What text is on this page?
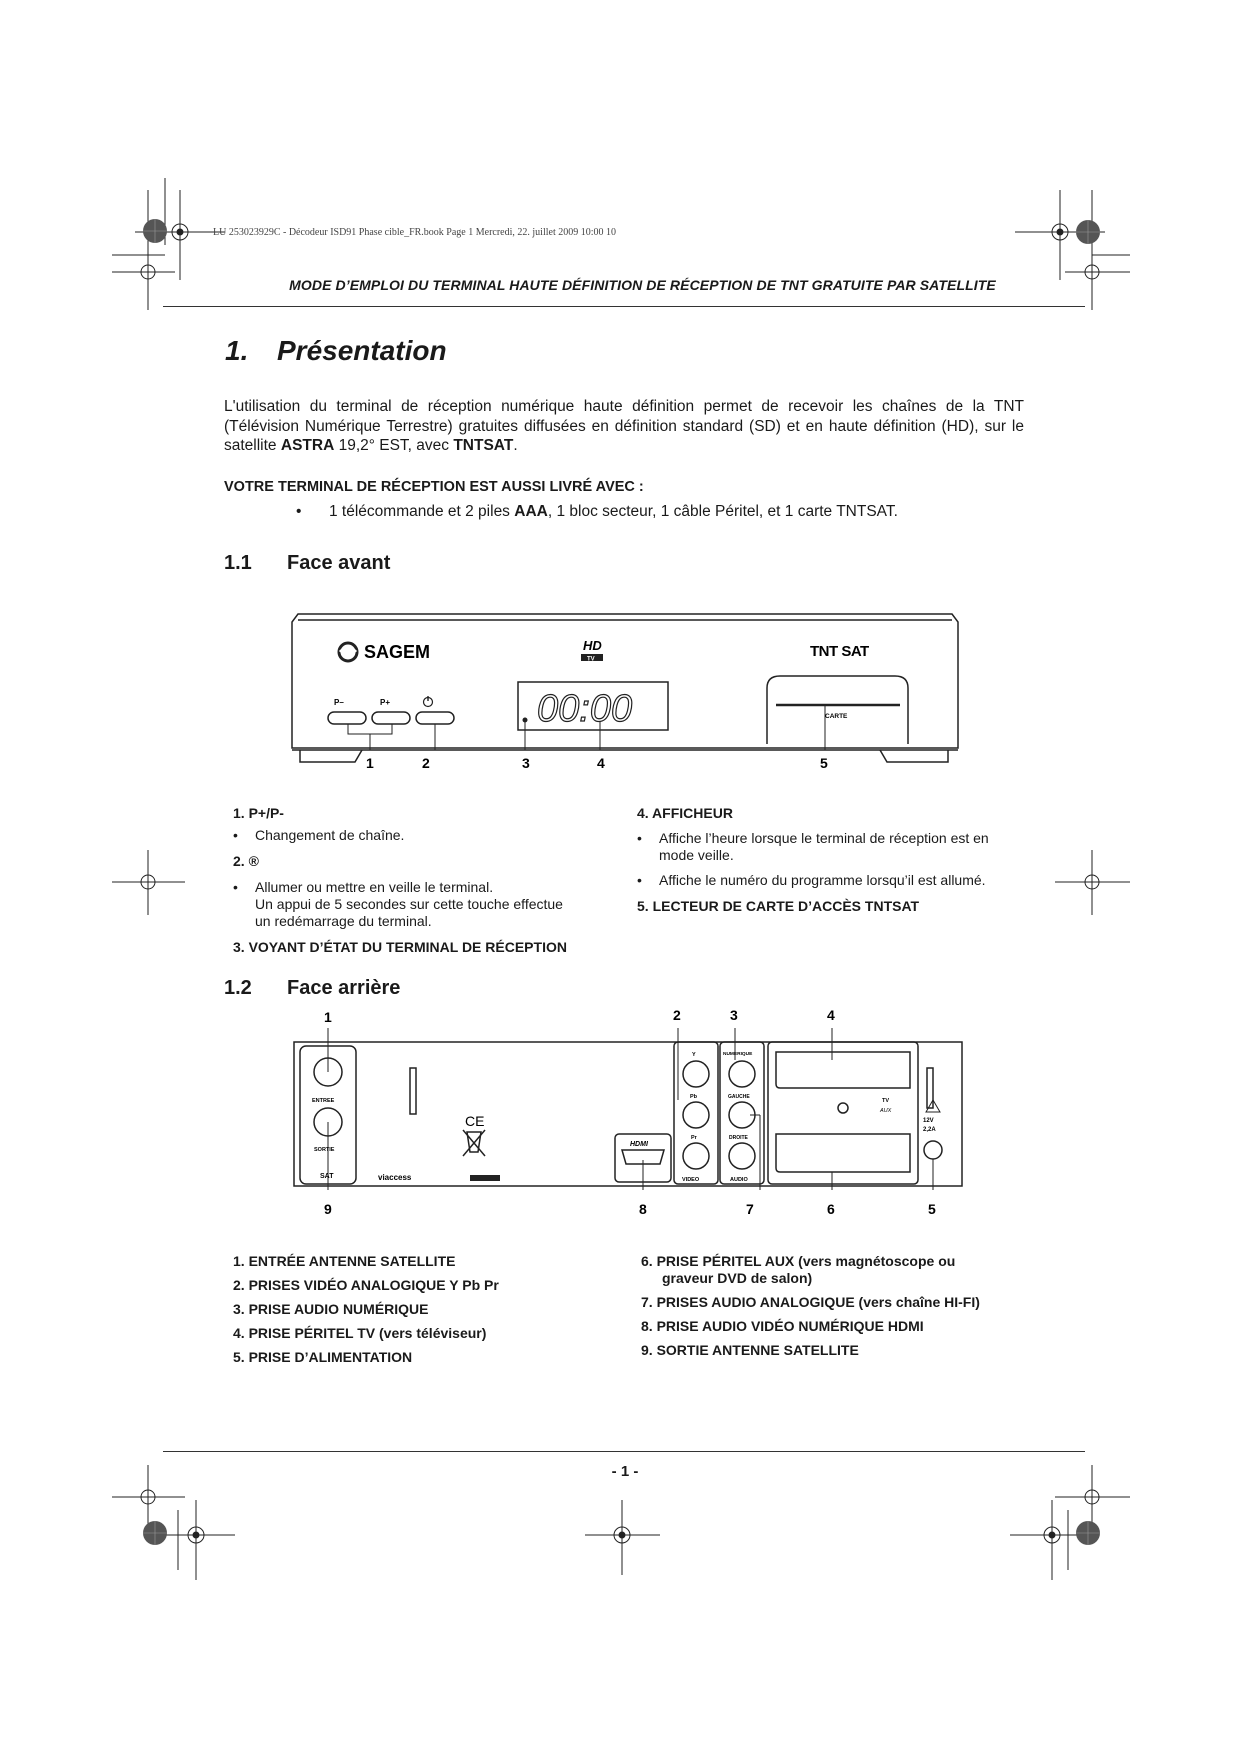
LU 253023929C - Décodeur ISD91 Phase cible_FR.book Page 1 Mercredi, 22. juillet 2009 10:00 10
MODE D’EMPLOI DU TERMINAL HAUTE DÉFINITION DE RÉCEPTION DE TNT GRATUITE PAR SATELLITE
1. Présentation
L'utilisation du terminal de réception numérique haute définition permet de recevoir les chaînes de la TNT (Télévision Numérique Terrestre) gratuites diffusées en définition standard (SD) et en haute définition (HD), sur le satellite ASTRA 19,2° EST, avec TNTSAT.
VOTRE TERMINAL DE RÉCEPTION EST AUSSI LIVRÉ AVEC :
• 1 télécommande et 2 piles AAA, 1 bloc secteur, 1 câble Péritel, et 1 carte TNTSAT.
1.1 Face avant
SAGEM	HD
TV	TNT SAT
00:00	CARTE
P–	P+
1	2	3	4	5
1. P+/P-
• Changement de chaîne.
2. ®
• Allumer ou mettre en veille le terminal.
Un appui de 5 secondes sur cette touche effectue
un redémarrage du terminal.
3. VOYANT D’ÉTAT DU TERMINAL DE RÉCEPTION
4. AFFICHEUR
• Affiche l’heure lorsque le terminal de réception est en mode veille.
• Affiche le numéro du programme lorsqu’il est allumé.
5. LECTEUR DE CARTE D’ACCÈS TNTSAT
1.2 Face arrière
ENTREE
SORTIE
SAT	viaccess
CE
HDMI
Y
Pb
Pr
VIDEO
NUMERIQUE
GAUCHE
DROITE
AUDIO
TV
AUX
12V
2,2A
1	2	3	4
9	8	7	6	5
1. ENTRÉE ANTENNE SATELLITE
2. PRISES VIDÉO ANALOGIQUE Y Pb Pr
3. PRISE AUDIO NUMÉRIQUE
4. PRISE PÉRITEL TV (vers téléviseur)
5. PRISE D’ALIMENTATION
6. PRISE PÉRITEL AUX (vers magnétoscope ou
graveur DVD de salon)
7. PRISES AUDIO ANALOGIQUE (vers chaîne HI-FI)
8. PRISE AUDIO VIDÉO NUMÉRIQUE HDMI
9. SORTIE ANTENNE SATELLITE
- 1 -
